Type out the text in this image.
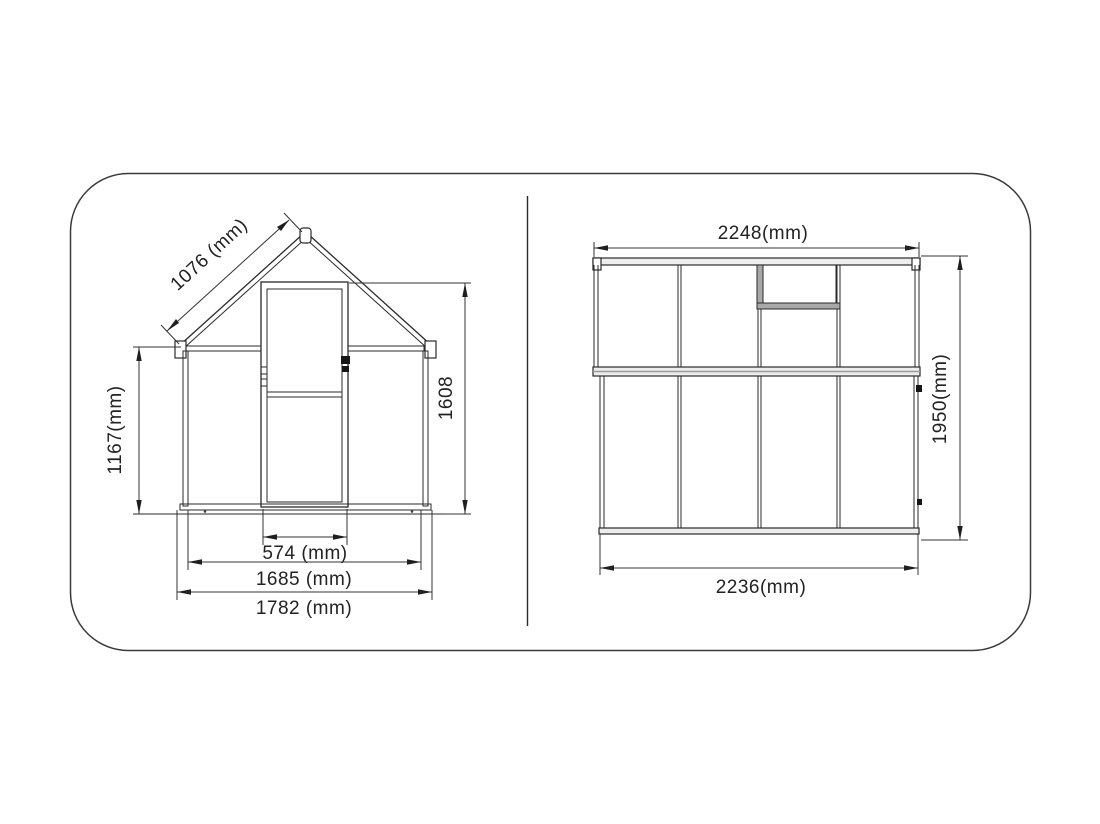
1076 (mm)
1167(mm)	1608
574 (mm)
1685 (mm)
1782 (mm)
2248(mm)
1950(mm)
2236(mm)
